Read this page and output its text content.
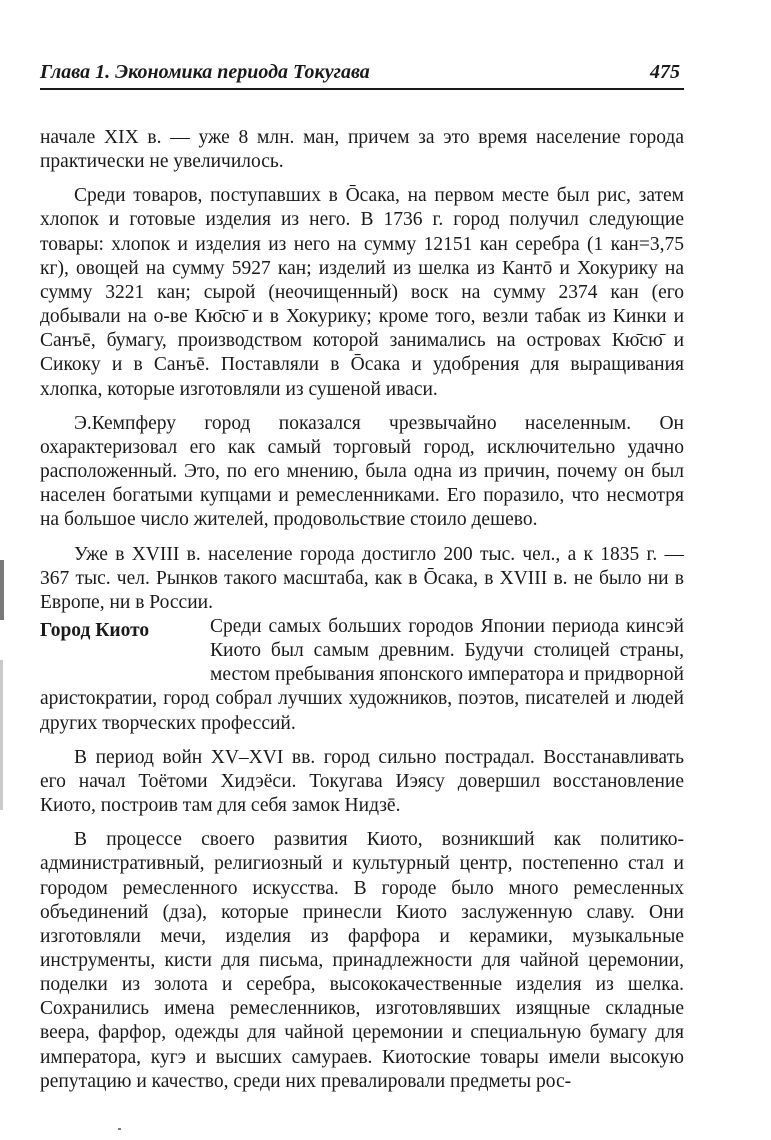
Глава 1. Экономика периода Токугава	475

начале XIX в. — уже 8 млн. ман, причем за это время население города практически не увеличилось.

Среди товаров, поступавших в Ōсака, на первом месте был рис, затем хлопок и готовые изделия из него. В 1736 г. город получил следующие товары: хлопок и изделия из него на сумму 12151 кан серебра (1 кан=3,75 кг), овощей на сумму 5927 кан; изделий из шелка из Кантō и Хокурику на сумму 3221 кан; сырой (неочищенный) воск на сумму 2374 кан (его добывали на о-ве Кю̄сю̄ и в Хокурику; кроме того, везли табак из Кинки и Санъē, бумагу, производством которой занимались на островах Кю̄сю̄ и Сикоку и в Санъē. Поставляли в Ōсака и удобрения для выращивания хлопка, которые изготовляли из сушеной иваси.

Э.Кемпферу город показался чрезвычайно населенным. Он охарактеризовал его как самый торговый город, исключительно удачно расположенный. Это, по его мнению, была одна из причин, почему он был населен богатыми купцами и ремесленниками. Его поразило, что несмотря на большое число жителей, продовольствие стоило дешево.

Уже в XVIII в. население города достигло 200 тыс. чел., а к 1835 г. — 367 тыс. чел. Рынков такого масштаба, как в Ōсака, в XVIII в. не было ни в Европе, ни в России.

Город Киото	Среди самых больших городов Японии периода кинсэй Киото был самым древним. Будучи столицей страны, местом пребывания японского императора и придворной аристократии, город собрал лучших художников, поэтов, писателей и людей других творческих профессий.

В период войн XV–XVI вв. город сильно пострадал. Восстанавливать его начал Тоётоми Хидэёси. Токугава Иэясу довершил восстановление Киото, построив там для себя замок Нидзē.

В процессе своего развития Киото, возникший как политико-административный, религиозный и культурный центр, постепенно стал и городом ремесленного искусства. В городе было много ремесленных объединений (дза), которые принесли Киото заслуженную славу. Они изготовляли мечи, изделия из фарфора и керамики, музыкальные инструменты, кисти для письма, принадлежности для чайной церемонии, поделки из золота и серебра, высококачественные изделия из шелка. Сохранились имена ремесленников, изготовлявших изящные складные веера, фарфор, одежды для чайной церемонии и специальную бумагу для императора, кугэ и высших самураев. Киотоские товары имели высокую репутацию и качество, среди них превалировали предметы рос-
